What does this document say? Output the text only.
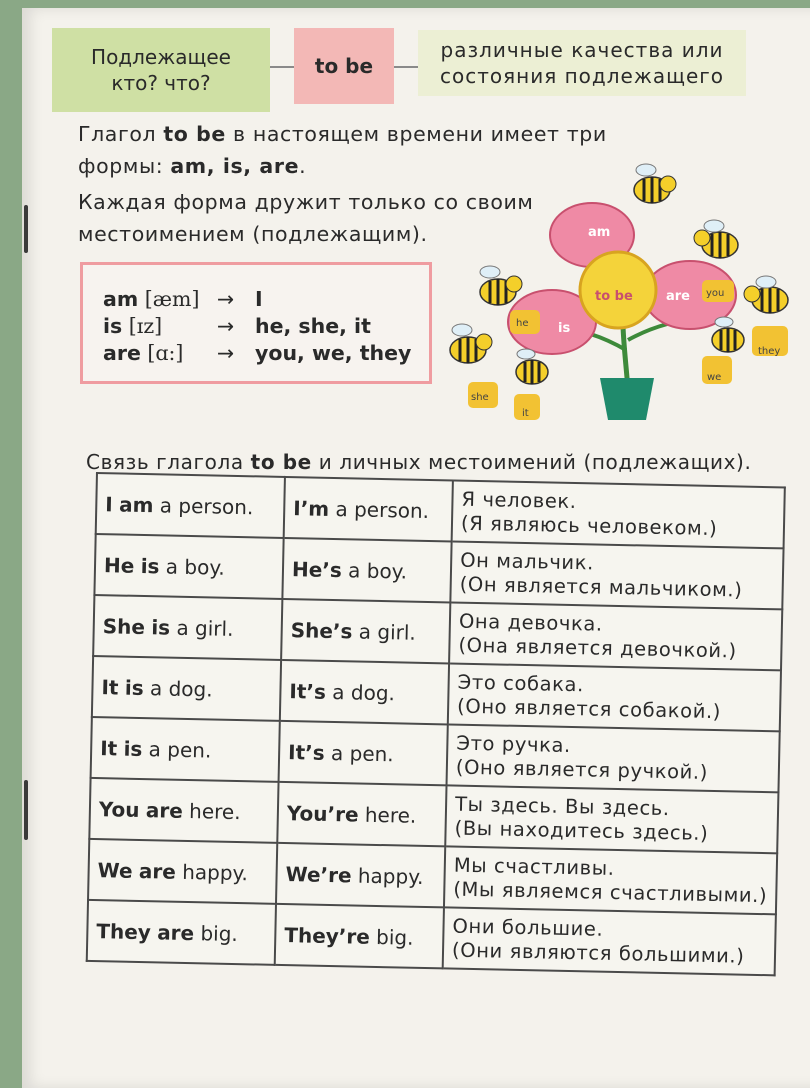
Подлежащее
кто? что?
to be
различные качества или
состояния подлежащего
Глагол to be в настоящем времени имеет три
формы: am, is, are.
Каждая форма дружит только со своим
местоимением (подлежащим).
am [æm] → I
is [ɪz]	→ he, she, it
are [ɑ:] → you, we, they
am
is
are
to be
he
she
it
you
we
they
Связь глагола to be и личных местоимений (подлежащих).
I am a person.	I’m a person.	Я человек.
(Я являюсь человеком.)
He is a boy.	He’s a boy.	Он мальчик.
(Он является мальчиком.)
She is a girl.	She’s a girl.	Она девочка.
(Она является девочкой.)
It is a dog.	It’s a dog.	Это собака.
(Оно является собакой.)
It is a pen.	It’s a pen.	Это ручка.
(Оно является ручкой.)
You are here.	You’re here.	Ты здесь. Вы здесь.
(Вы находитесь здесь.)
We are happy.	We’re happy.	Мы счастливы.
(Мы являемся счастливыми.)
They are big.	They’re big.	Они большие.
(Они являются большими.)
